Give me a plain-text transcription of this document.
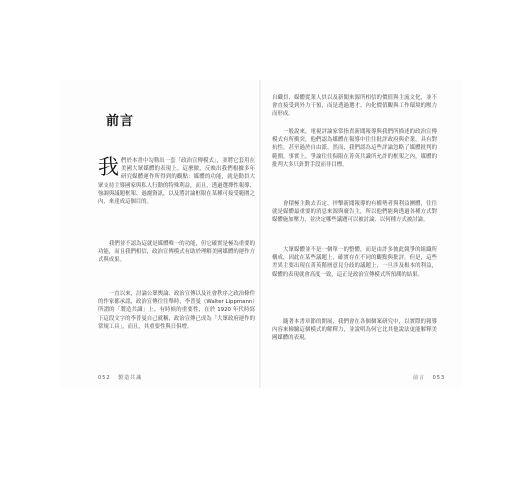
前言
我 們於本書中勾勒出一套「政治宣傳模式」，並將它套用在美國大眾媒體的表現上。這麼做，反映出我們根據多年研究媒體運作所得到的觀點：媒體的功能，就是動員大眾支持主導國家與私人行動的特殊利益，而且，透過選擇性報導、強調與議題框架、過濾資訊，以及將討論框限在某種可接受範圍之內，來達成這個目的。

我們並不認為這就是媒體唯一的功能，但它確實是極為重要的功能，而且我們相信，政治宣傳模式有助於理解美國媒體的運作方式與成果。

一直以來，討論公眾輿論、政治宣傳以及社會秩序之政治條件的作家都承認，政治宣傳往往舉時，李普曼（Walter Lippmann）所謂的「製造共識」上。有時候的重要性，在於 1920 年代時寫下這段文字的李普曼自己就稱，政治宣傳已成為「大眾政府運作的常規工具」，而且，其重要性與日俱增。

052 製造共識

自職員、媒體從業人員以及新聞來源所相信的價值與主流文化，並不會直接受到外力干預，而是透過選才、內化價值觀與工作環境的壓力而形成。

一般說來，電視評論家常指責新聞報導與我們所描述的政治宣傳模式有所衝突，他們認為媒體在報導中往往批評政府與企業，具有對抗性，甚至過於自由派。然而，我們認為這些評論忽略了媒體批判的範圍，事實上，爭論往往侷限在菁英共識所允許的框架之內，媒體的批判大多只針對手段而非目標。

會積極主動去否定、抨擊新聞報導的有權勢者與利益團體，往往就是媒體最重要的消息來源與廣告主，所以他們能夠透過各種方式對媒體施加壓力，並決定哪些議題可以被討論、以何種方式被討論。

大眾媒體並不是一個單一的整體，而是由許多彼此競爭的組織所構成，因此在某些議題上，確實存在不同的觀點與批評。但是，這些差異主要出現在菁英階層意見分歧的議題上，一旦涉及根本的利益，媒體的表現就會高度一致，這正是政治宣傳模式所預測的結果。

隨著本書章節的開展，我們會在各個個案研究中，以實際的報導內容來檢驗這個模式的解釋力，並說明為何它比其他說法更能解釋美國媒體的表現。

前言 053
